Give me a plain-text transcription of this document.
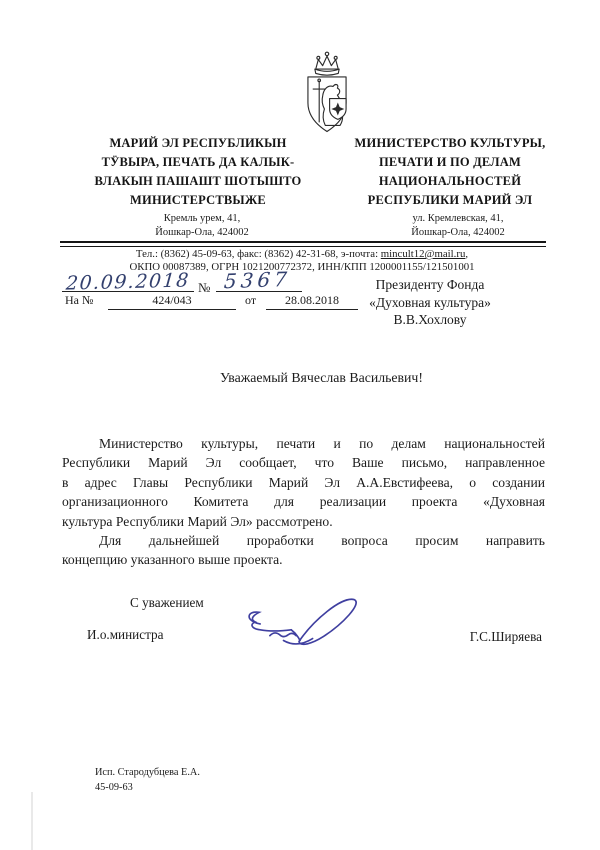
МАРИЙ ЭЛ РЕСПУБЛИКЫН
ТӰВЫРА, ПЕЧАТЬ ДА КАЛЫК-
ВЛАКЫН ПАШАШТ ШОТЫШТО
МИНИСТЕРСТВЫЖЕ
МИНИСТЕРСТВО КУЛЬТУРЫ,
ПЕЧАТИ И ПО ДЕЛАМ
НАЦИОНАЛЬНОСТЕЙ
РЕСПУБЛИКИ МАРИЙ ЭЛ
Кремль урем, 41,
Йошкар-Ола, 424002
ул. Кремлевская, 41,
Йошкар-Ола, 424002
Тел.: (8362) 45-09-63, факс: (8362) 42-31-68, э-почта: mincult12@mail.ru,
ОКПО 00087389, ОГРН 1021200772372, ИНН/КПП 1200001155/121501001
20.09.2018 № 5367
На №	424/043	от	28.08.2018
Президенту Фонда
«Духовная культура»
В.В.Хохлову
Уважаемый Вячеслав Васильевич!
Министерство культуры, печати и по делам национальностей
Республики Марий Эл сообщает, что Ваше письмо, направленное
в адрес Главы Республики Марий Эл А.А.Евстифеева, о создании
организационного Комитета для реализации проекта «Духовная
культура Республики Марий Эл» рассмотрено.
Для дальнейшей проработки вопроса просим направить
концепцию указанного выше проекта.
С уважением
И.о.министра	Г.С.Ширяева
Исп. Стародубцева Е.А.
45-09-63
